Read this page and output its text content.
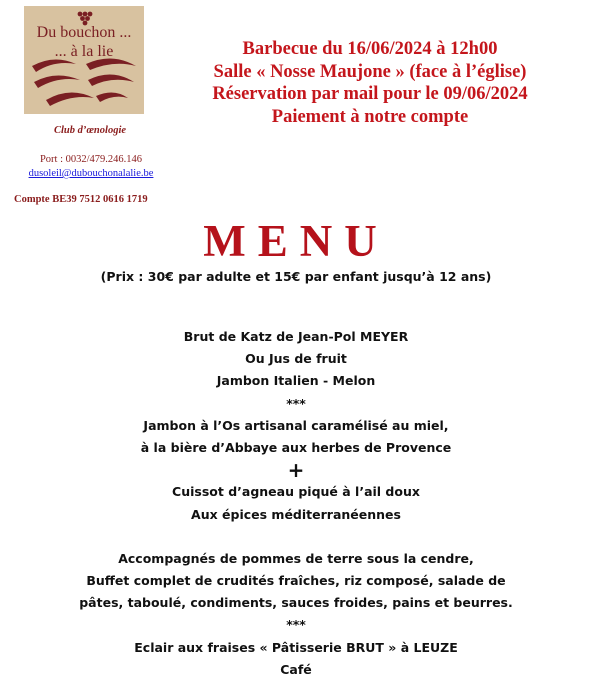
Du bouchon ...
... à la lie
Club d’œnologie
Port : 0032/479.246.146
dusoleil@dubouchonalalie.be
Compte BE39 7512 0616 1719
Barbecue du 16/06/2024 à 12h00
Salle « Nosse Maujone » (face à l’église)
Réservation par mail pour le 09/06/2024
Paiement à notre compte
MENU
(Prix : 30€ par adulte et 15€ par enfant jusqu’à 12 ans)
Brut de Katz de Jean-Pol MEYER
Ou Jus de fruit
Jambon Italien - Melon
***
Jambon à l’Os artisanal caramélisé au miel,
à la bière d’Abbaye aux herbes de Provence
+
Cuissot d’agneau piqué à l’ail doux
Aux épices méditerranéennes
Accompagnés de pommes de terre sous la cendre,
Buffet complet de crudités fraîches, riz composé, salade de
pâtes, taboulé, condiments, sauces froides, pains et beurres.
***
Eclair aux fraises « Pâtisserie BRUT » à LEUZE
Café
